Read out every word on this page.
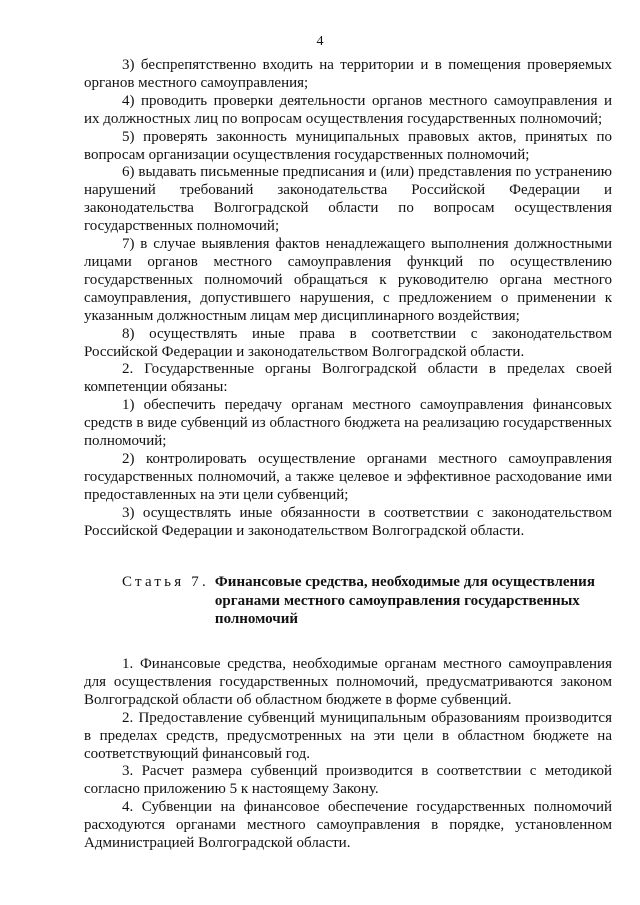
4

3) беспрепятственно входить на территории и в помещения проверяемых органов местного самоуправления;

4) проводить проверки деятельности органов местного самоуправления и их должностных лиц по вопросам осуществления государственных полномочий;

5) проверять законность муниципальных правовых актов, принятых по вопросам организации осуществления государственных полномочий;

6) выдавать письменные предписания и (или) представления по устранению нарушений требований законодательства Российской Федерации и законодательства Волгоградской области по вопросам осуществления государственных полномочий;

7) в случае выявления фактов ненадлежащего выполнения должностными лицами органов местного самоуправления функций по осуществлению государственных полномочий обращаться к руководителю органа местного самоуправления, допустившего нарушения, с предложением о применении к указанным должностным лицам мер дисциплинарного воздействия;

8) осуществлять иные права в соответствии с законодательством Российской Федерации и законодательством Волгоградской области.

2. Государственные органы Волгоградской области в пределах своей компетенции обязаны:

1) обеспечить передачу органам местного самоуправления финансовых средств в виде субвенций из областного бюджета на реализацию государственных полномочий;

2) контролировать осуществление органами местного самоуправления государственных полномочий, а также целевое и эффективное расходование ими предоставленных на эти цели субвенций;

3) осуществлять иные обязанности в соответствии с законодательством Российской Федерации и законодательством Волгоградской области.

Статья 7. Финансовые средства, необходимые для осуществления органами местного самоуправления государственных полномочий

1. Финансовые средства, необходимые органам местного самоуправления для осуществления государственных полномочий, предусматриваются законом Волгоградской области об областном бюджете в форме субвенций.

2. Предоставление субвенций муниципальным образованиям производится в пределах средств, предусмотренных на эти цели в областном бюджете на соответствующий финансовый год.

3. Расчет размера субвенций производится в соответствии с методикой согласно приложению 5 к настоящему Закону.

4. Субвенции на финансовое обеспечение государственных полномочий расходуются органами местного самоуправления в порядке, установленном Администрацией Волгоградской области.
